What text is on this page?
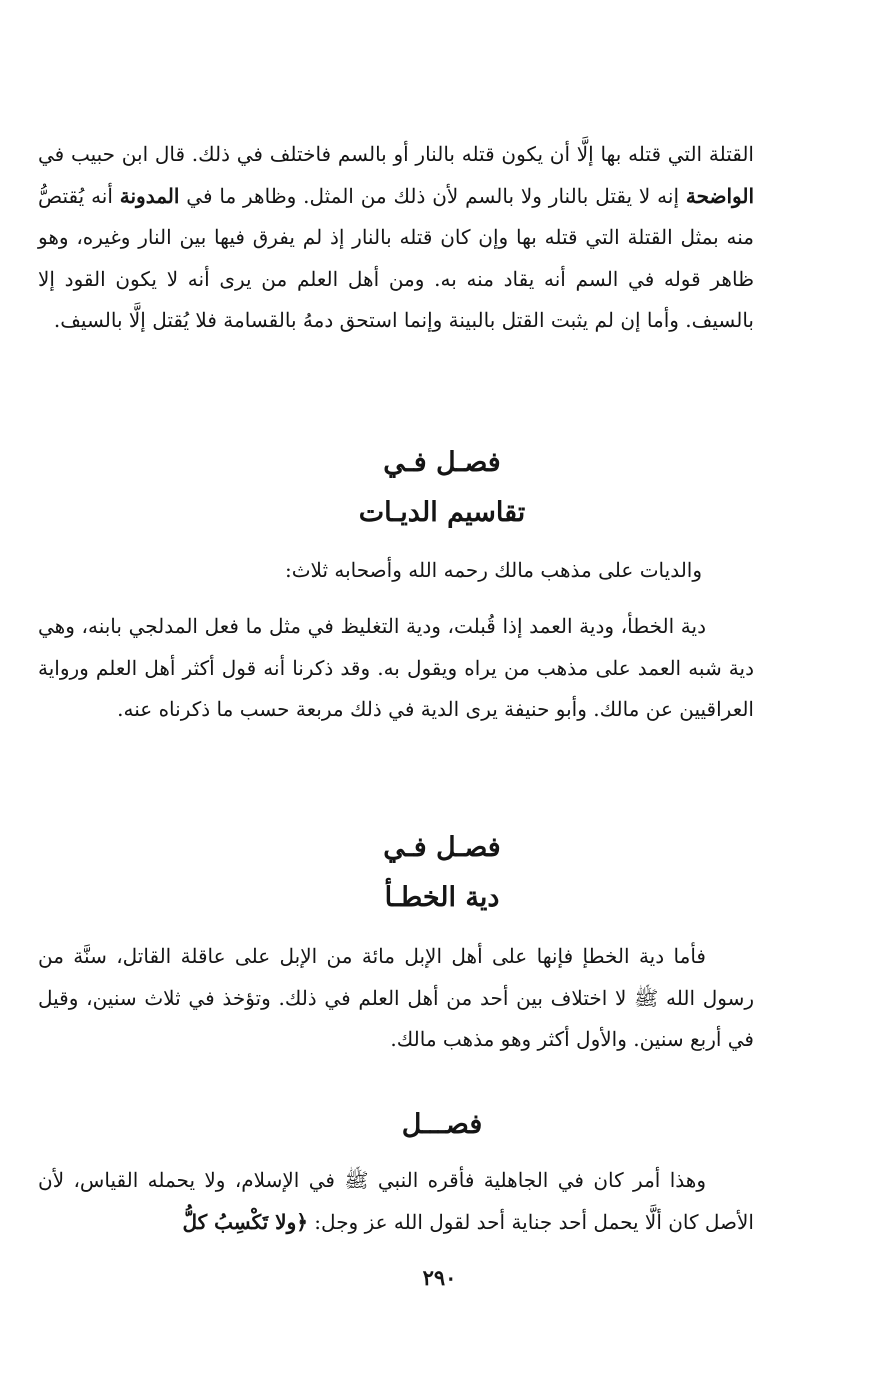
القتلة التي قتله بها إلَّا أن يكون قتله بالنار أو بالسم فاختلف في ذلك. قال ابن حبيب في الواضحة إنه لا يقتل بالنار ولا بالسم لأن ذلك من المثل. وظاهر ما في المدونة أنه يُقتصُّ منه بمثل القتلة التي قتله بها وإن كان قتله بالنار إذ لم يفرق فيها بين النار وغيره، وهو ظاهر قوله في السم أنه يقاد منه به. ومن أهل العلم من يرى أنه لا يكون القود إلا بالسيف. وأما إن لم يثبت القتل بالبينة وإنما استحق دمهُ بالقسامة فلا يُقتل إلَّا بالسيف.

فصـل فـي
تقاسيم الديـات
والديات على مذهب مالك رحمه الله وأصحابه ثلاث:

دية الخطأ، ودية العمد إذا قُبلت، ودية التغليظ في مثل ما فعل المدلجي بابنه، وهي دية شبه العمد على مذهب من يراه ويقول به. وقد ذكرنا أنه قول أكثر أهل العلم ورواية العراقيين عن مالك. وأبو حنيفة يرى الدية في ذلك مربعة حسب ما ذكرناه عنه.

فصـل فـي
دية الخطـأ

فأما دية الخطإ فإنها على أهل الإبل مائة من الإبل على عاقلة القاتل، سنَّة من رسول الله ﷺ لا اختلاف بين أحد من أهل العلم في ذلك. وتؤخذ في ثلاث سنين، وقيل في أربع سنين. والأول أكثر وهو مذهب مالك.

فصـــل

وهذا أمر كان في الجاهلية فأقره النبي ﷺ في الإسلام، ولا يحمله القياس، لأن الأصل كان ألَّا يحمل أحد جناية أحد لقول الله عز وجل: ﴿ولا تَكْسِبُ كلُّ

٢٩٠
